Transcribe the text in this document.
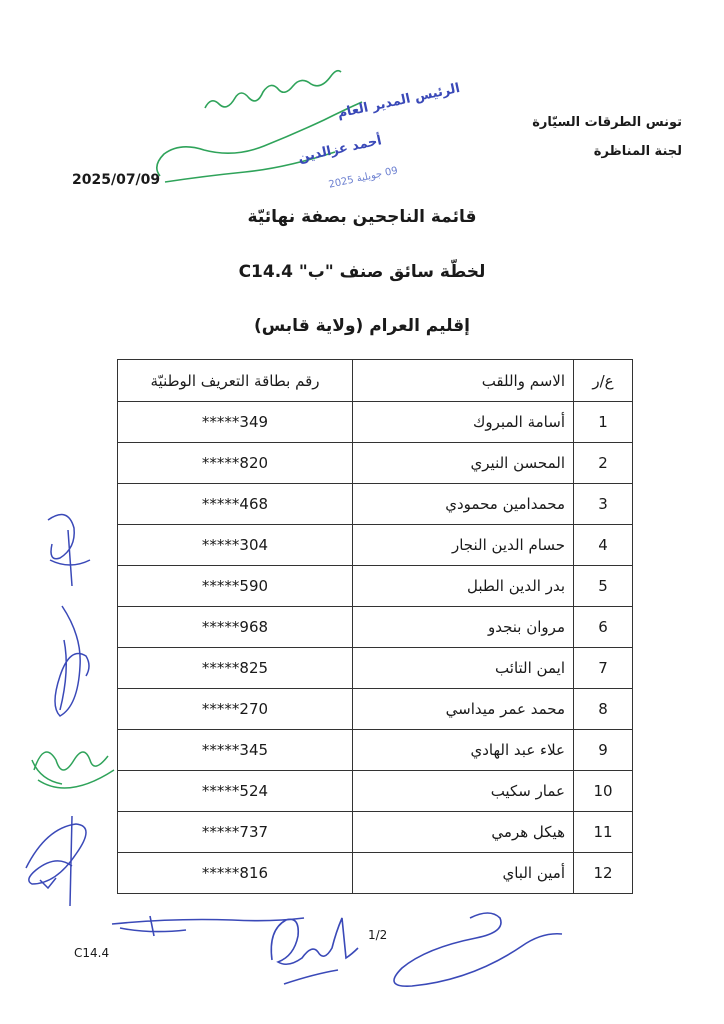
تونس الطرقات السيّارة
لجنة المناظرة
2025/07/09
قائمة الناجحين بصفة نهائيّة
لخطّة سائق صنف "ب" C14.4
إقليم العرام (ولاية قابس)
ع/ر	الاسم واللقب	رقم بطاقة التعريف الوطنيّة
1	أسامة المبروك	*****349
2	المحسن النيري	*****820
3	محمدامين محمودي	*****468
4	حسام الدين النجار	*****304
5	بدر الدين الطبل	*****590
6	مروان بنجدو	*****968
7	ايمن التائب	*****825
8	محمد عمر ميداسي	*****270
9	علاء عبد الهادي	*****345
10	عمار سكيب	*****524
11	هيكل هرمي	*****737
12	أمين الباي	*****816
1/2
C14.4
الرئيس المدير العام
أحمد عزالدين
09 جويلية 2025
